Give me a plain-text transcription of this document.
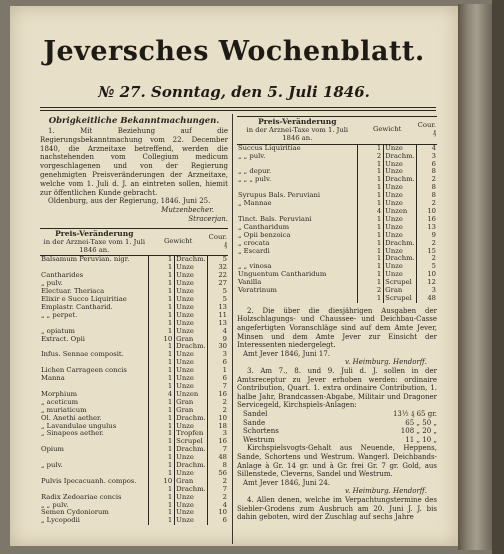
Jeversches Wochenblatt.
№ 27. Sonntag, den 5. Juli 1846.
Obrigkeitliche Bekanntmachungen.
1. Mit Beziehung auf die Regierungsbekanntmachung vom 22. December 1840, die Arzneitaxe betreffend, werden die nachstehenden vom Collegium medicum vorgeschlagenen und von der Regierung genehmigten Preisveränderungen der Arzneitaxe, welche vom 1. Juli d. J. an eintreten sollen, hiemit zur öffentlichen Kunde gebracht.
Oldenburg, aus der Regierung, 1846. Juni 25.
Mutzenbecher.
Stracerjan.
Preis-Veränderung
in der Arznei-Taxe vom 1. Juli 1846 an.	Gewicht		Cour.
₰
Balsamum Peruvian. nigr.	1	Drachm.	5
	1	Unze	32
Cantharides	1	Unze	22
„ pulv.	1	Unze	27
Electuar. Theriaca	1	Unze	5
Elixir e Succo Liquiritiae	1	Unze	5
Emplastr. Cantharid.	1	Unze	13
„ „ perpet.	1	Unze	11
	1	Unze	13
„ opiatum	1	Unze	4
Extract. Opii	10	Gran	9
	1	Drachm.	30
Infus. Sennae composit.	1	Unze	3
	1	Unze	6
Lichen Carrageen concis	1	Unze	1
Manna	1	Unze	6
	1	Unze	7
Morphium	4	Unzen	16
„ aceticum	1	Gran	2
„ muriaticum	1	Gran	2
Ol. Anethi aether.	1	Drachm.	10
„ Lavandulae ungulus	1	Unze	18
„ Sinapeos aether.	1	Tropfen	3
	1	Scrupel	16
Opium	1	Drachm.	7
	1	Unze	48
„ pulv.	1	Drachm.	8
	1	Unze	56
Pulvis Ipecacuanh. compos.	10	Gran	2
	1	Drachm.	7
Radix Zedoariae concis	1	Unze	2
„ „ pulv.	1	Unze	4
Semen Cydoniorum	1	Unze	10
„ Lycopodii	1	Unze	6
Preis-Veränderung
in der Arznei-Taxe vom 1. Juli 1846 an.	Gewicht		Cour.
₰
Succus Liquiritiae	1	Unze	4
„ „ pulv.	2	Drachm.	3
	1	Unze	6
„ „ depur.	1	Unze	8
„ „ „ pulv.	1	Drachm.	2
	1	Unze	8
Syrupus Bals. Peruviani	1	Unze	8
„ Mannae	1	Unze	2
	4	Unzen	10
Tinct. Bals. Peruviani	1	Unze	16
„ Cantharidum	1	Unze	13
„ Opii benzoica	1	Unze	9
„ crocata	1	Drachm.	2
„ Escardi	1	Unze	15
	1	Drachm.	2
„ „ vinosa	1	Unze	5
Unguentum Cantharidum	1	Unze	10
Vanilla	1	Scrupel	12
Veratrinum	2	Gran	3
	1	Scrupel	48
2. Die über die diesjährigen Ausgaben der Holzschlagungs- und Chaussee- und Deichbau-Casse angefertigten Voranschläge sind auf dem Amte Jever, Minsen und dem Amte Jever zur Einsicht der Interessenten niedergelegt.
Amt Jever 1846, Juni 17.
v. Heimburg. Hendorff.
3. Am 7., 8. und 9. Juli d. J. sollen in der Amtsreceptur zu Jever erhoben werden: ordinaire Contribution, Quart. 1. extra ordinaire Contribution, 1. halbe Jahr, Brandcassen-Abgabe, Militair und Dragoner Servicegeld, Kirchspiels-Anlagen:
Sandel	13½ ₰ 65 gr.
Sande	65 „ 50 „
Schortens	108 „ 20 „
Westrum	11 „ 10 „
Kirchspielsvogts-Gehalt aus Neuende, Heppens, Sande, Schortens und Westrum. Wangerl. Deichbands-Anlage à Gr. 14 gr. und à Gr. frei Gr. 7 gr. Gold, aus Sillenstede, Cleverns, Sandel und Westrum.
Amt Jever 1846, Juni 24.
v. Heimburg. Hendorff.
4. Allen denen, welche im Verpachtungstermine des Siebler-Grodens zum Ausbruch am 20. Juni J. J. bis dahin geboten, wird der Zuschlag auf sechs Jahre
